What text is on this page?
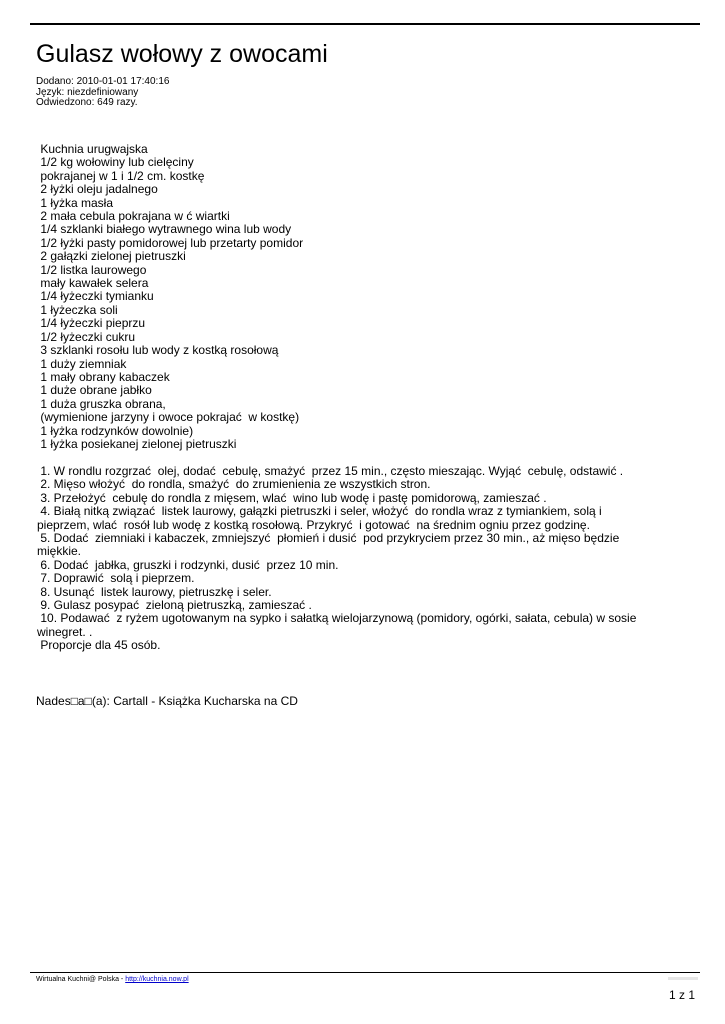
Gulasz wołowy z owocami
Dodano: 2010-01-01 17:40:16
Język: niezdefiniowany
Odwiedzono: 649 razy.
Kuchnia urugwajska
1/2 kg wołowiny lub cielęciny
pokrajanej w 1 i 1/2 cm. kostkę
2 łyżki oleju jadalnego
1 łyżka masła
2 mała cebula pokrajana w ć wiartki
1/4 szklanki białego wytrawnego wina lub wody
1/2 łyżki pasty pomidorowej lub przetarty pomidor
2 gałązki zielonej pietruszki
1/2 listka laurowego
mały kawałek selera
1/4 łyżeczki tymianku
1 łyżeczka soli
1/4 łyżeczki pieprzu
1/2 łyżeczki cukru
3 szklanki rosołu lub wody z kostką rosołową
1 duży ziemniak
1 mały obrany kabaczek
1 duże obrane jabłko
1 duża gruszka obrana,
(wymienione jarzyny i owoce pokrajać  w kostkę)
1 łyżka rodzynków dowolnie)
1 łyżka posiekanej zielonej pietruszki
1. W rondlu rozgrzać  olej, dodać  cebulę, smażyć  przez 15 min., często mieszając. Wyjąć  cebulę, odstawić .
2. Mięso włożyć  do rondla, smażyć  do zrumienienia ze wszystkich stron.
3. Przełożyć  cebulę do rondla z mięsem, wlać  wino lub wodę i pastę pomidorową, zamieszać .
4. Białą nitką związać  listek laurowy, gałązki pietruszki i seler, włożyć  do rondla wraz z tymiankiem, solą i pieprzem, wlać  rosół lub wodę z kostką rosołową. Przykryć  i gotować  na średnim ogniu przez godzinę.
5. Dodać  ziemniaki i kabaczek, zmniejszyć  płomień i dusić  pod przykryciem przez 30 min., aż mięso będzie miękkie.
6. Dodać  jabłka, gruszki i rodzynki, dusić  przez 10 min.
7. Doprawić  solą i pieprzem.
8. Usunąć  listek laurowy, pietruszkę i seler.
9. Gulasz posypać  zieloną pietruszką, zamieszać .
10. Podawać  z ryżem ugotowanym na sypko i sałatką wielojarzynową (pomidory, ogórki, sałata, cebula) w sosie winegret. .
Proporcje dla 45 osób.
Nades□a□(a): Cartall - Książka Kucharska na CD
Wirtualna Kuchni@ Polska - http://kuchnia.now.pl
1 z 1
